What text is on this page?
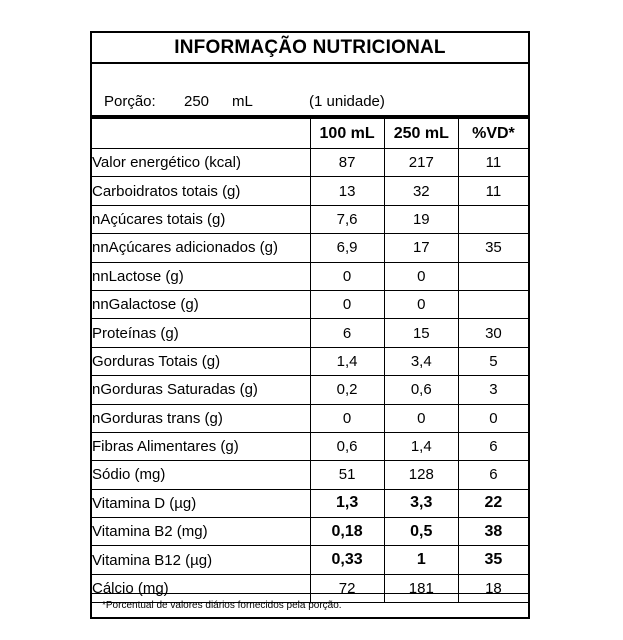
INFORMAÇÃO NUTRICIONAL
Porção: 250 mL	(1 unidade)
	100 mL	250 mL	%VD*
Valor energético (kcal)	87	217	11
Carboidratos totais (g)	13	32	11
nAçúcares totais (g)	7,6	19	
nnAçúcares adicionados (g)	6,9	17	35
nnLactose (g)	0	0	
nnGalactose (g)	0	0	
Proteínas (g)	6	15	30
Gorduras Totais (g)	1,4	3,4	5
nGorduras Saturadas (g)	0,2	0,6	3
nGorduras trans (g)	0	0	0
Fibras Alimentares (g)	0,6	1,4	6
Sódio (mg)	51	128	6
Vitamina D (µg)	1,3	3,3	22
Vitamina B2 (mg)	0,18	0,5	38
Vitamina B12 (µg)	0,33	1	35
Cálcio (mg)	72	181	18
*Porcentual de valores diários fornecidos pela porção.
